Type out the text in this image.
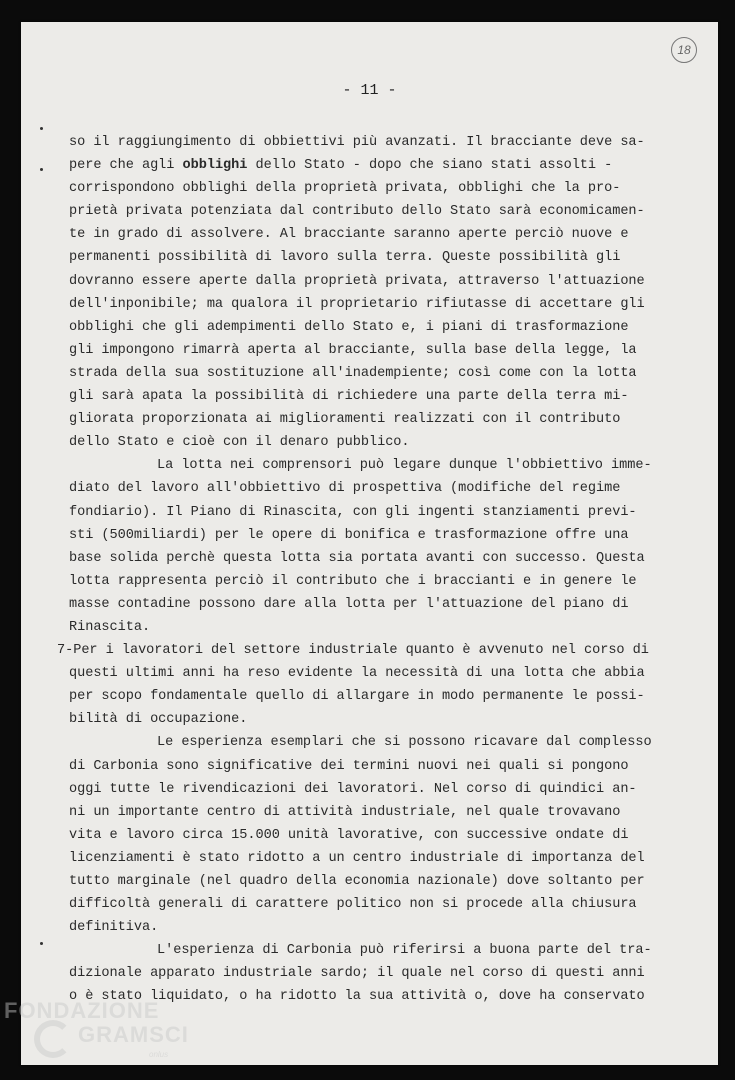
18
- 11 -
so il raggiungimento di obbiettivi più avanzati. Il bracciante deve sa-
pere che agli obblighi dello Stato - dopo che siano stati assolti -
corrispondono obblighi della proprietà privata, obblighi che la pro-
prietà privata potenziata dal contributo dello Stato sarà economicamen-
te in grado di assolvere. Al bracciante saranno aperte perciò nuove e
permanenti possibilità di lavoro sulla terra. Queste possibilità gli
dovranno essere aperte dalla proprietà privata, attraverso l'attuazione
dell'inponibile; ma qualora il proprietario rifiutasse di accettare gli
obblighi che gli adempimenti dello Stato e, i piani di trasformazione
gli impongono rimarrà aperta al bracciante, sulla base della legge, la
strada della sua sostituzione all'inadempiente; così come con la lotta
gli sarà apata la possibilità di richiedere una parte della terra mi-
gliorata proporzionata ai miglioramenti realizzati con il contributo
dello Stato e cioè con il denaro pubblico.
La lotta nei comprensori può legare dunque l'obbiettivo imme-
diato del lavoro all'obbiettivo di prospettiva (modifiche del regime
fondiario). Il Piano di Rinascita, con gli ingenti stanziamenti previ-
sti (500miliardi) per le opere di bonifica e trasformazione offre una
base solida perchè questa lotta sia portata avanti con successo. Questa
lotta rappresenta perciò il contributo che i braccianti e in genere le
masse contadine possono dare alla lotta per l'attuazione del piano di
Rinascita.
7-Per i lavoratori del settore industriale quanto è avvenuto nel corso di
questi ultimi anni ha reso evidente la necessità di una lotta che abbia
per scopo fondamentale quello di allargare in modo permanente le possi-
bilità di occupazione.
Le esperienza esemplari che si possono ricavare dal complesso
di Carbonia sono significative dei termini nuovi nei quali si pongono
oggi tutte le rivendicazioni dei lavoratori. Nel corso di quindici an-
ni un importante centro di attività industriale, nel quale trovavano
vita e lavoro circa 15.000 unità lavorative, con successive ondate di
licenziamenti è stato ridotto a un centro industriale di importanza del
tutto marginale (nel quadro della economia nazionale) dove soltanto per
difficoltà generali di carattere politico non si procede alla chiusura
definitiva.
L'esperienza di Carbonia può riferirsi a buona parte del tra-
dizionale apparato industriale sardo; il quale nel corso di questi anni
o è stato liquidato, o ha ridotto la sua attività o, dove ha conservato
FONDAZIONE
GRAMSCI
onlus
